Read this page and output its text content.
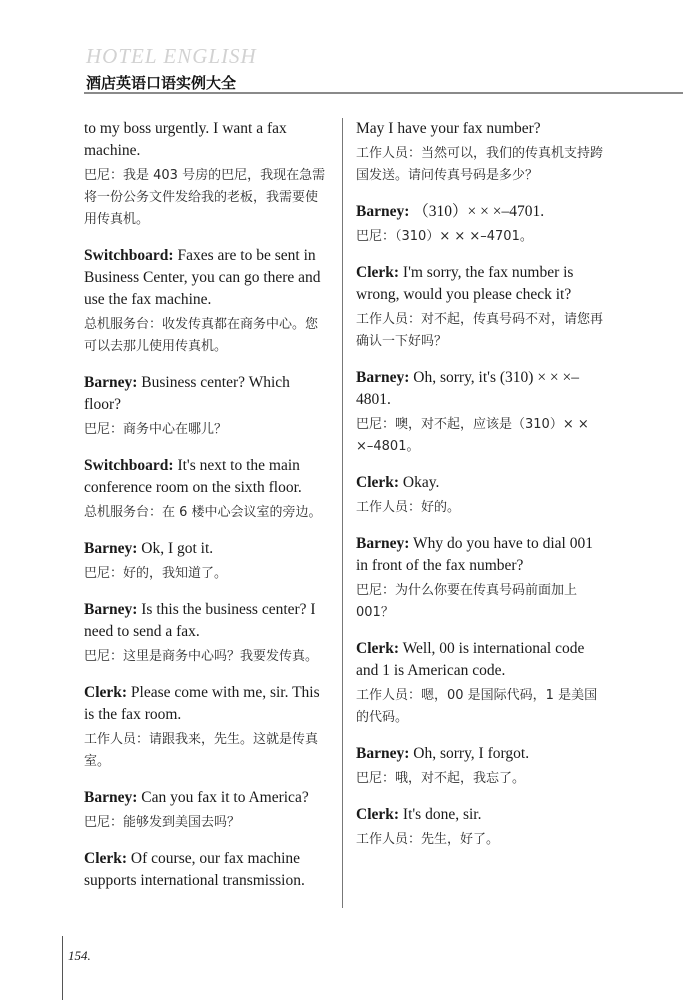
HOTEL ENGLISH
酒店英语口语实例大全
to my boss urgently. I want a fax machine.
巴尼：我是 403 号房的巴尼，我现在急需将一份公务文件发给我的老板，我需要使用传真机。
Switchboard: Faxes are to be sent in Business Center, you can go there and use the fax machine.
总机服务台：收发传真都在商务中心。您可以去那儿使用传真机。
Barney: Business center? Which floor?
巴尼：商务中心在哪儿？
Switchboard: It's next to the main conference room on the sixth floor.
总机服务台：在 6 楼中心会议室的旁边。
Barney: Ok, I got it.
巴尼：好的，我知道了。
Barney: Is this the business center? I need to send a fax.
巴尼：这里是商务中心吗？我要发传真。
Clerk: Please come with me, sir. This is the fax room.
工作人员：请跟我来，先生。这就是传真室。
Barney: Can you fax it to America?
巴尼：能够发到美国去吗？
Clerk: Of course, our fax machine supports international transmission.
May I have your fax number?
工作人员：当然可以，我们的传真机支持跨国发送。请问传真号码是多少？
Barney: （310）× × ×–4701.
巴尼：（310）× × ×–4701。
Clerk: I'm sorry, the fax number is wrong, would you please check it?
工作人员：对不起，传真号码不对，请您再确认一下好吗？
Barney: Oh, sorry, it's (310) × × ×–4801.
巴尼：噢，对不起，应该是（310）× × ×–4801。
Clerk: Okay.
工作人员：好的。
Barney: Why do you have to dial 001 in front of the fax number?
巴尼：为什么你要在传真号码前面加上 001？
Clerk: Well, 00 is international code and 1 is American code.
工作人员：嗯，00 是国际代码，1 是美国的代码。
Barney: Oh, sorry, I forgot.
巴尼：哦，对不起，我忘了。
Clerk: It's done, sir.
工作人员：先生，好了。
154.
